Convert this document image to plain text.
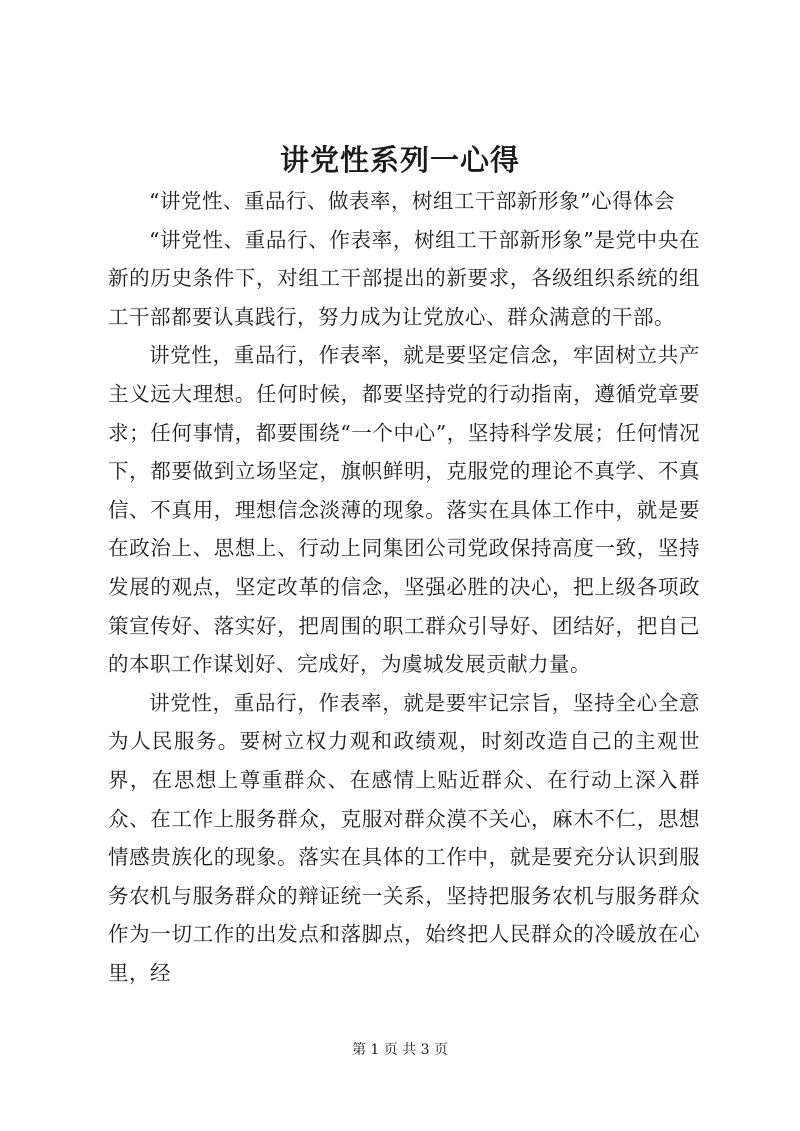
讲党性系列一心得

“讲党性、重品行、做表率，树组工干部新形象”心得体会

“讲党性、重品行、作表率，树组工干部新形象”是党中央在新的历史条件下，对组工干部提出的新要求，各级组织系统的组工干部都要认真践行，努力成为让党放心、群众满意的干部。

讲党性，重品行，作表率，就是要坚定信念，牢固树立共产主义远大理想。任何时候，都要坚持党的行动指南，遵循党章要求；任何事情，都要围绕“一个中心”，坚持科学发展；任何情况下，都要做到立场坚定，旗帜鲜明，克服党的理论不真学、不真信、不真用，理想信念淡薄的现象。落实在具体工作中，就是要在政治上、思想上、行动上同集团公司党政保持高度一致，坚持发展的观点，坚定改革的信念，坚强必胜的决心，把上级各项政策宣传好、落实好，把周围的职工群众引导好、团结好，把自己的本职工作谋划好、完成好，为虞城发展贡献力量。

讲党性，重品行，作表率，就是要牢记宗旨，坚持全心全意为人民服务。要树立权力观和政绩观，时刻改造自己的主观世界，在思想上尊重群众、在感情上贴近群众、在行动上深入群众、在工作上服务群众，克服对群众漠不关心，麻木不仁，思想情感贵族化的现象。落实在具体的工作中，就是要充分认识到服务农机与服务群众的辩证统一关系，坚持把服务农机与服务群众作为一切工作的出发点和落脚点，始终把人民群众的冷暖放在心里，经

第 1 页 共 3 页
